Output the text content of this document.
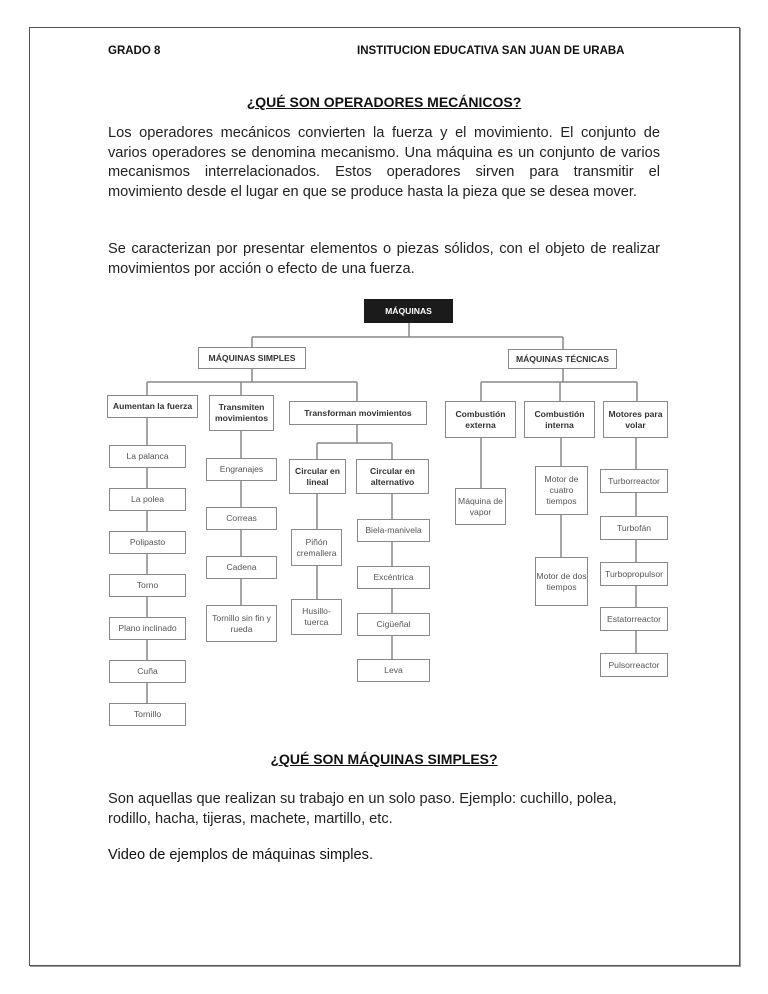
GRADO 8	INSTITUCION EDUCATIVA SAN JUAN DE URABA
¿QUÉ SON OPERADORES MECÁNICOS?
Los operadores mecánicos convierten la fuerza y el movimiento. El conjunto de varios operadores se denomina mecanismo. Una máquina es un conjunto de varios mecanismos interrelacionados. Estos operadores sirven para transmitir el movimiento desde el lugar en que se produce hasta la pieza que se desea mover.
Se caracterizan por presentar elementos o piezas sólidos, con el objeto de realizar movimientos por acción o efecto de una fuerza.
MÁQUINAS
MÁQUINAS SIMPLES	MÁQUINAS TÉCNICAS
Aumentan la fuerza	Transmiten movimientos
Transforman movimientos
Circular en lineal
Circular en alternativo
Combustión externa
Combustión interna
Motores para volar
La palanca
La polea
Polipasto
Torno
Plano inclinado
Cuña
Tornillo
Engranajes
Correas
Cadena
Tornillo sin fin y rueda
Piñón cremallera
Husillo-tuerca
Biela-manivela
Excéntrica
Cigüeñal
Leva
Máquina de vapor
Motor de cuatro tiempos
Motor de dos tiempos
Turborreactor
Turbofán
Turbopropulsor
Estatorreactor
Pulsorreactor
¿QUÉ SON MÁQUINAS SIMPLES?
Son aquellas que realizan su trabajo en un solo paso. Ejemplo: cuchillo, polea, rodillo, hacha, tijeras, machete, martillo, etc.
Video de ejemplos de máquinas simples.
